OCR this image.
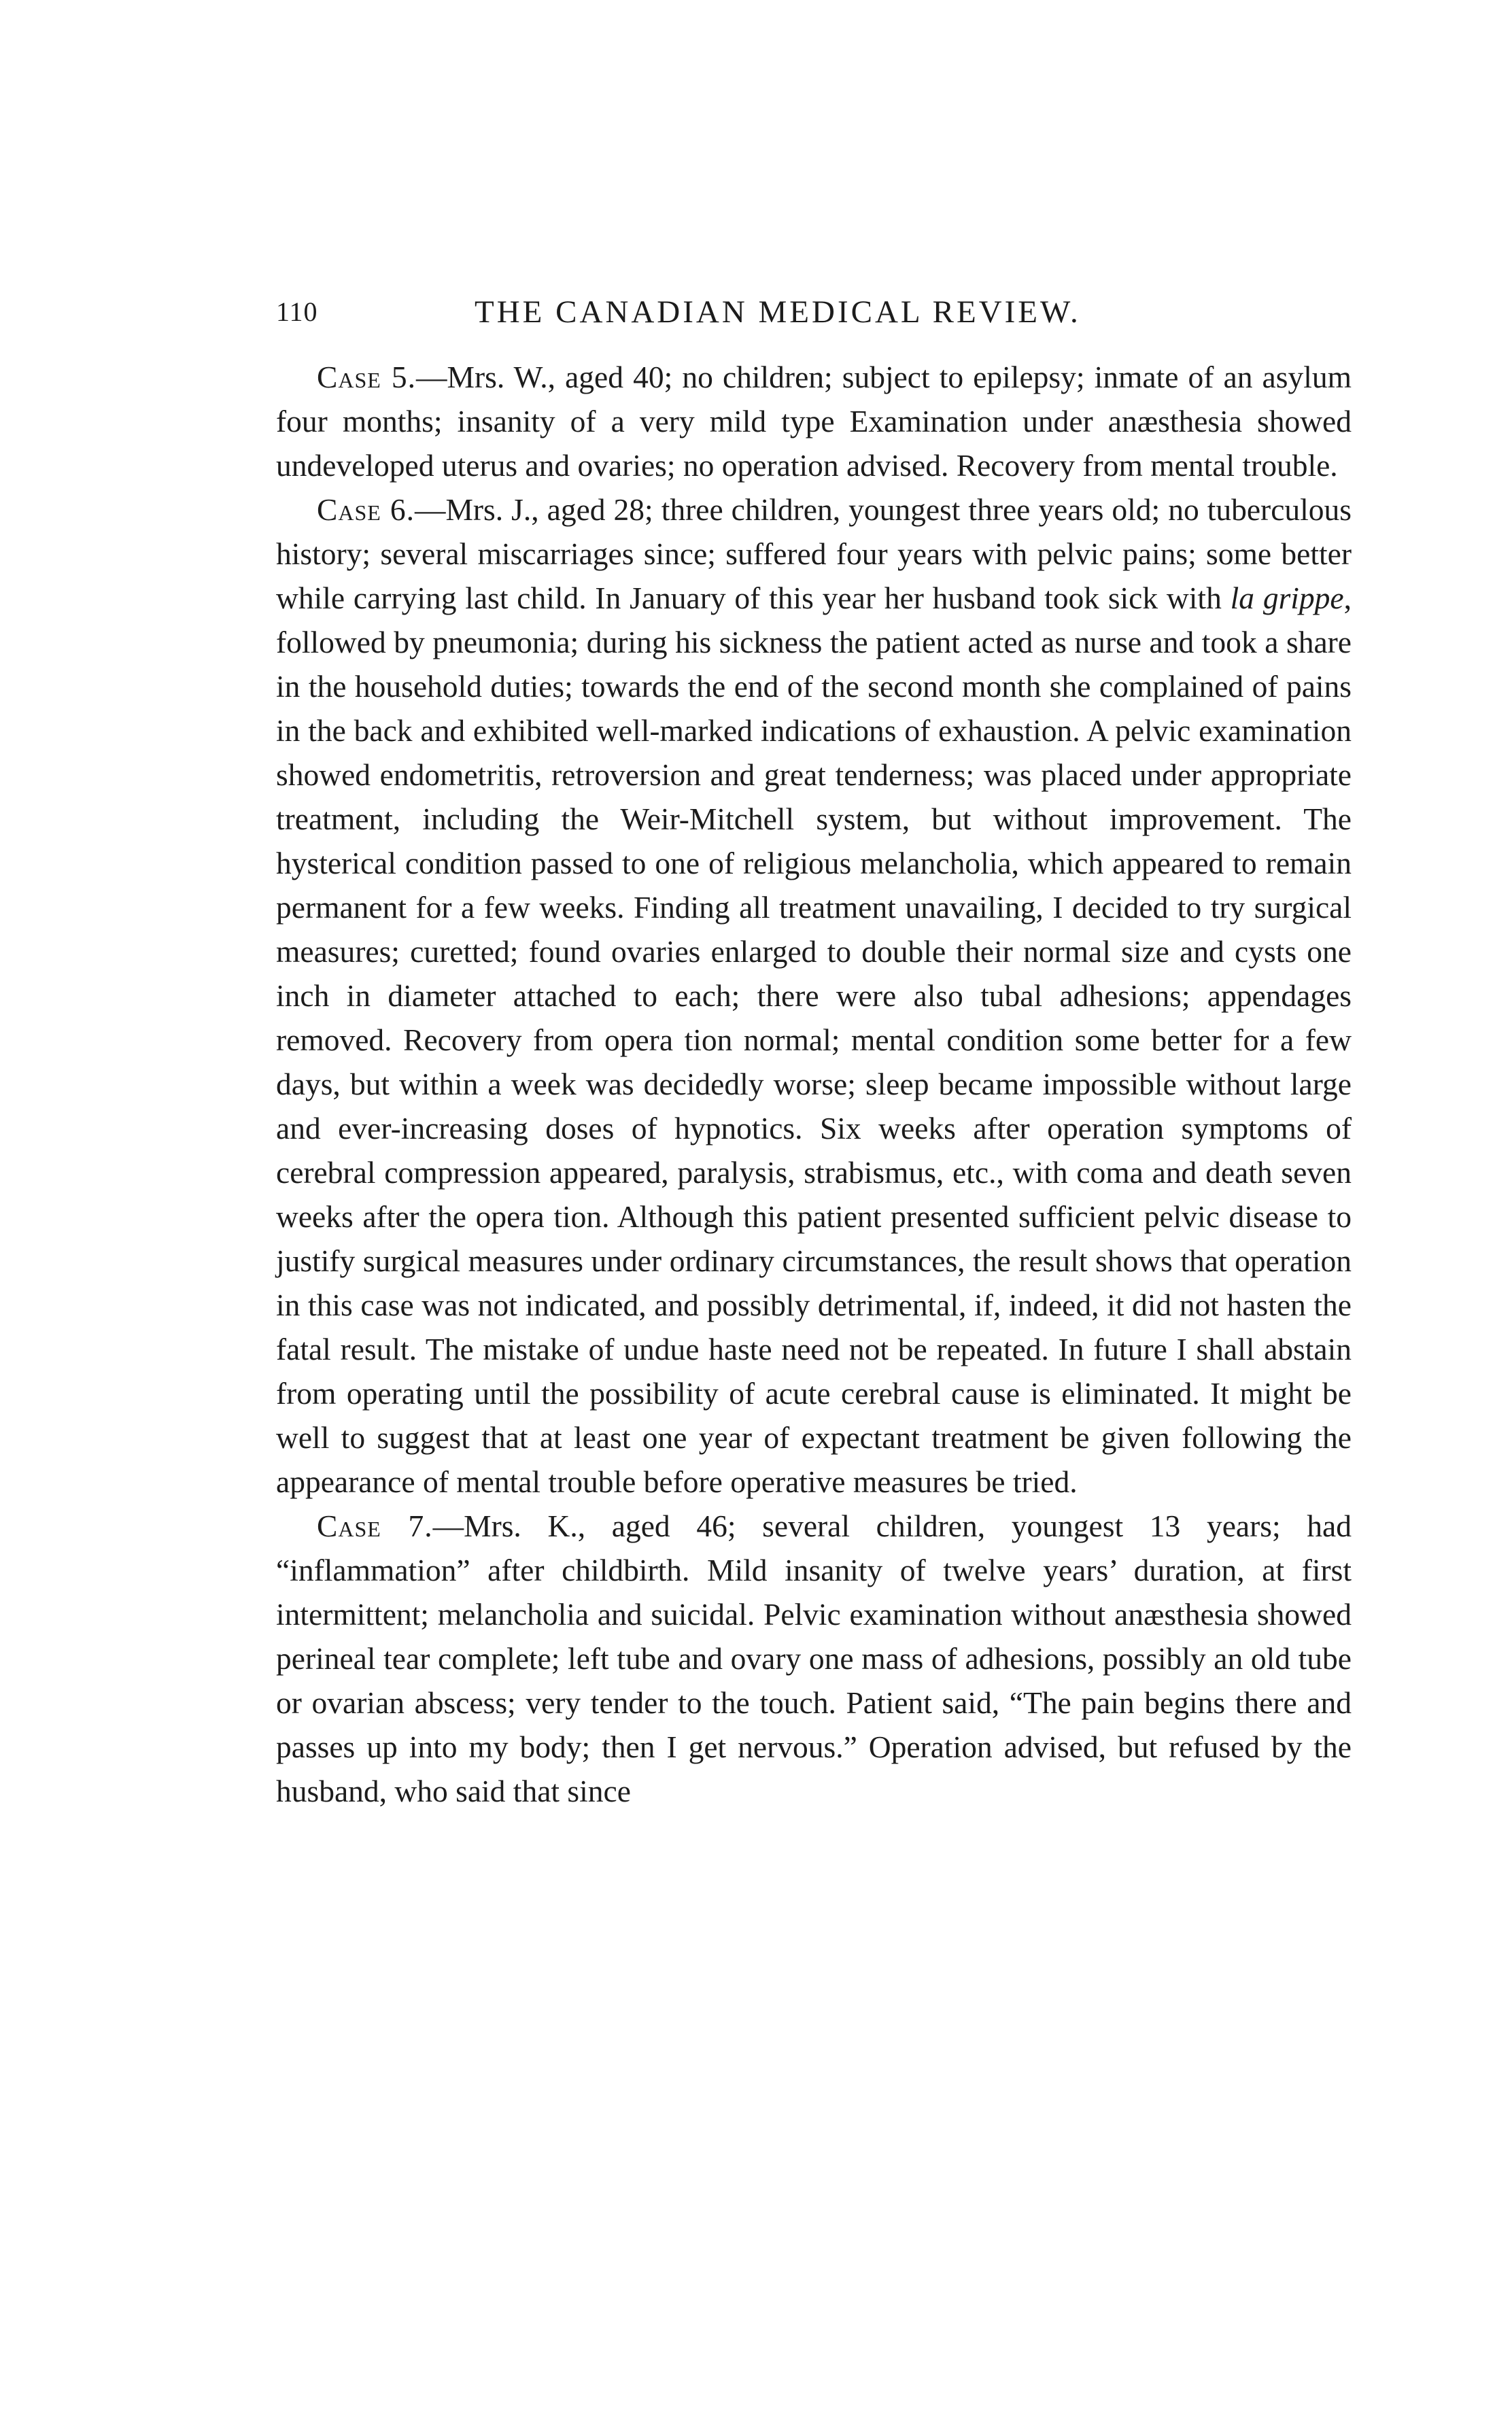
110	THE CANADIAN MEDICAL REVIEW.

Case 5.—Mrs. W., aged 40; no children; subject to epilepsy; inmate of an asylum four months; insanity of a very mild type Examination under anæsthesia showed undeveloped uterus and ovaries; no operation advised. Recovery from mental trouble.

Case 6.—Mrs. J., aged 28; three children, youngest three years old; no tuberculous history; several miscarriages since; suffered four years with pelvic pains; some better while carrying last child. In January of this year her husband took sick with la grippe, followed by pneumonia; during his sickness the patient acted as nurse and took a share in the household duties; towards the end of the second month she complained of pains in the back and exhibited well-marked indications of exhaustion. A pelvic examination showed endometritis, retroversion and great tenderness; was placed under appropriate treatment, including the Weir-Mitchell system, but without improvement. The hysterical condition passed to one of religious melancholia, which appeared to remain permanent for a few weeks. Finding all treatment unavailing, I decided to try surgical measures; curetted; found ovaries enlarged to double their normal size and cysts one inch in diameter attached to each; there were also tubal adhesions; appendages removed. Recovery from opera tion normal; mental condition some better for a few days, but within a week was decidedly worse; sleep became impossible without large and ever-increasing doses of hypnotics. Six weeks after operation symptoms of cerebral compression appeared, paralysis, strabismus, etc., with coma and death seven weeks after the opera tion. Although this patient presented sufficient pelvic disease to justify surgical measures under ordinary circumstances, the result shows that operation in this case was not indicated, and possibly detrimental, if, indeed, it did not hasten the fatal result. The mistake of undue haste need not be repeated. In future I shall abstain from operating until the possibility of acute cerebral cause is eliminated. It might be well to suggest that at least one year of expectant treatment be given following the appearance of mental trouble before operative measures be tried.

Case 7.—Mrs. K., aged 46; several children, youngest 13 years; had “inflammation” after childbirth. Mild insanity of twelve years’ duration, at first intermittent; melancholia and suicidal. Pelvic examination without anæsthesia showed perineal tear complete; left tube and ovary one mass of adhesions, possibly an old tube or ovarian abscess; very tender to the touch. Patient said, “The pain begins there and passes up into my body; then I get nervous.” Operation advised, but refused by the husband, who said that since
